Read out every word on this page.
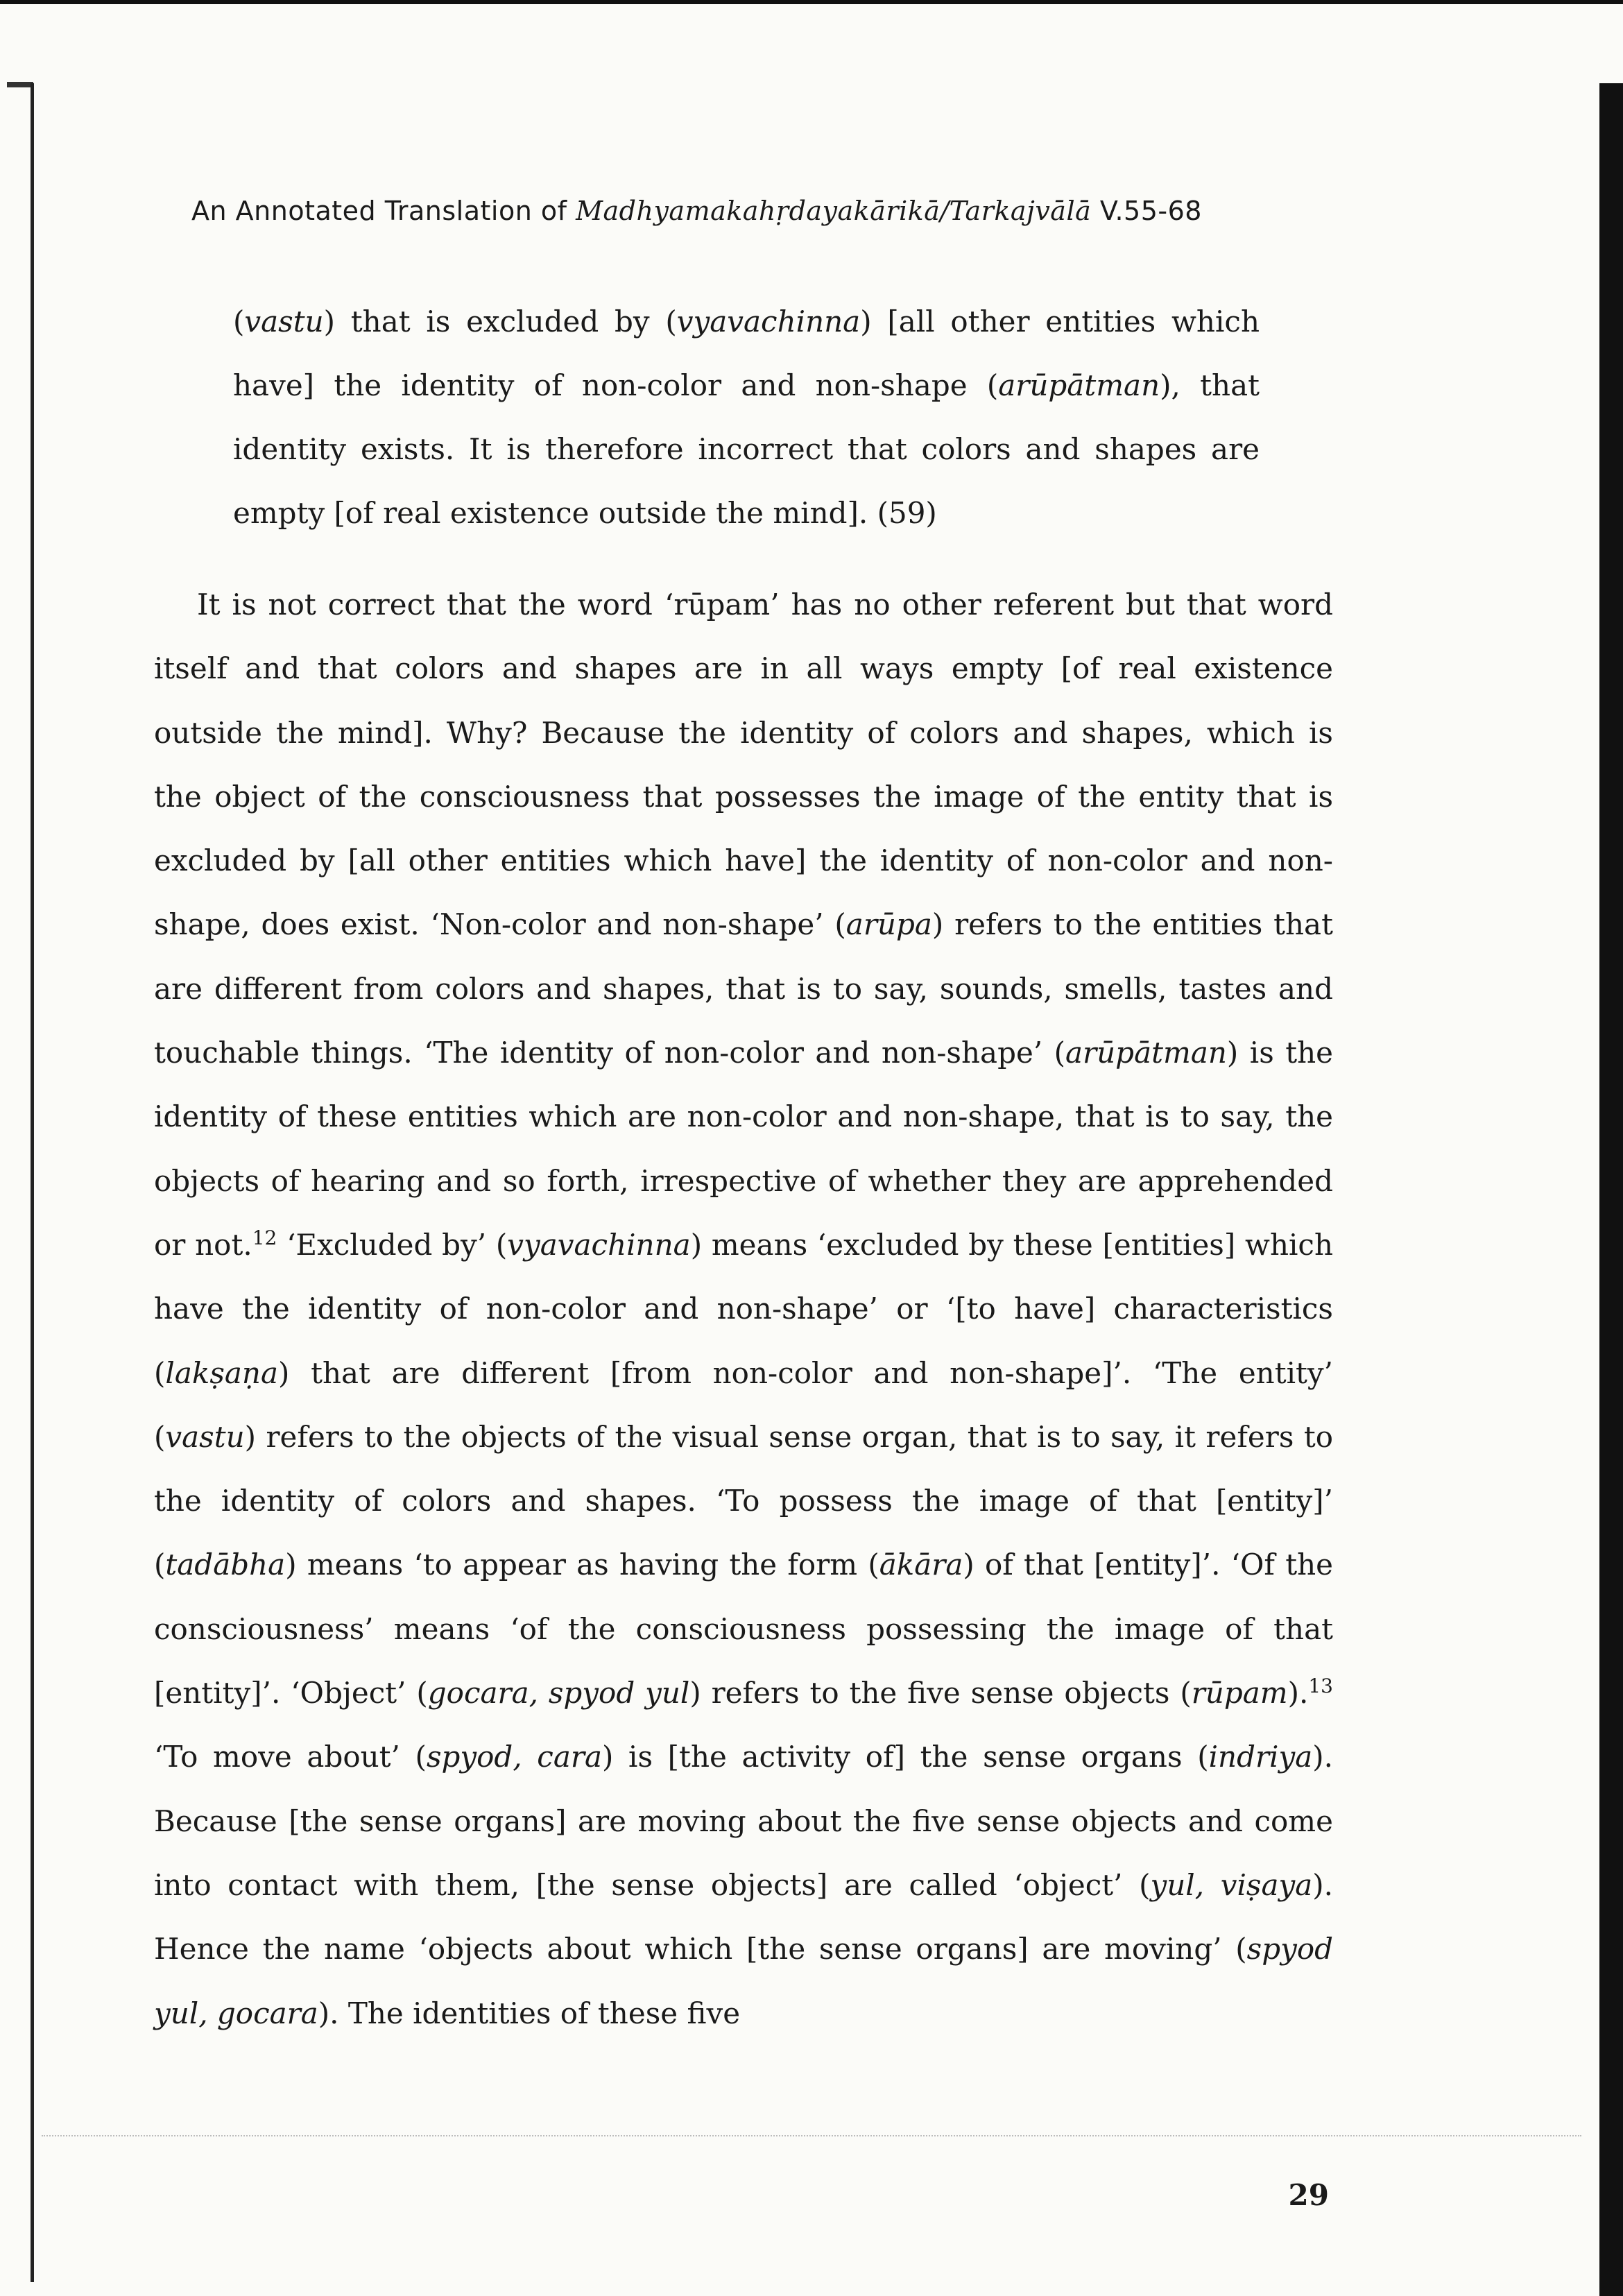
An Annotated Translation of Madhyamakahṛdayakārikā/Tarkajvālā V.55-68

(vastu) that is excluded by (vyavachinna) [all other entities which have] the identity of non-color and non-shape (arūpātman), that identity exists. It is therefore incorrect that colors and shapes are empty [of real existence outside the mind]. (59)

It is not correct that the word ‘rūpam’ has no other referent but that word itself and that colors and shapes are in all ways empty [of real existence outside the mind]. Why? Because the identity of colors and shapes, which is the object of the consciousness that possesses the image of the entity that is excluded by [all other entities which have] the identity of non-color and non-shape, does exist. ‘Non-color and non-shape’ (arūpa) refers to the entities that are different from colors and shapes, that is to say, sounds, smells, tastes and touchable things. ‘The identity of non-color and non-shape’ (arūpātman) is the identity of these entities which are non-color and non-shape, that is to say, the objects of hearing and so forth, irrespective of whether they are apprehended or not.$^{12}$ ‘Excluded by’ (vyavachinna) means ‘excluded by these [entities] which have the identity of non-color and non-shape’ or ‘[to have] characteristics (lakṣaṇa) that are different [from non-color and non-shape]’. ‘The entity’ (vastu) refers to the objects of the visual sense organ, that is to say, it refers to the identity of colors and shapes. ‘To possess the image of that [entity]’ (tadābha) means ‘to appear as having the form (ākāra) of that [entity]’. ‘Of the consciousness’ means ‘of the consciousness possessing the image of that [entity]’. ‘Object’ (gocara, spyod yul) refers to the five sense objects (rūpam).$^{13}$ ‘To move about’ (spyod, cara) is [the activity of] the sense organs (indriya). Because [the sense organs] are moving about the five sense objects and come into contact with them, [the sense objects] are called ‘object’ (yul, viṣaya). Hence the name ‘objects about which [the sense organs] are moving’ (spyod yul, gocara). The identities of these five

29
